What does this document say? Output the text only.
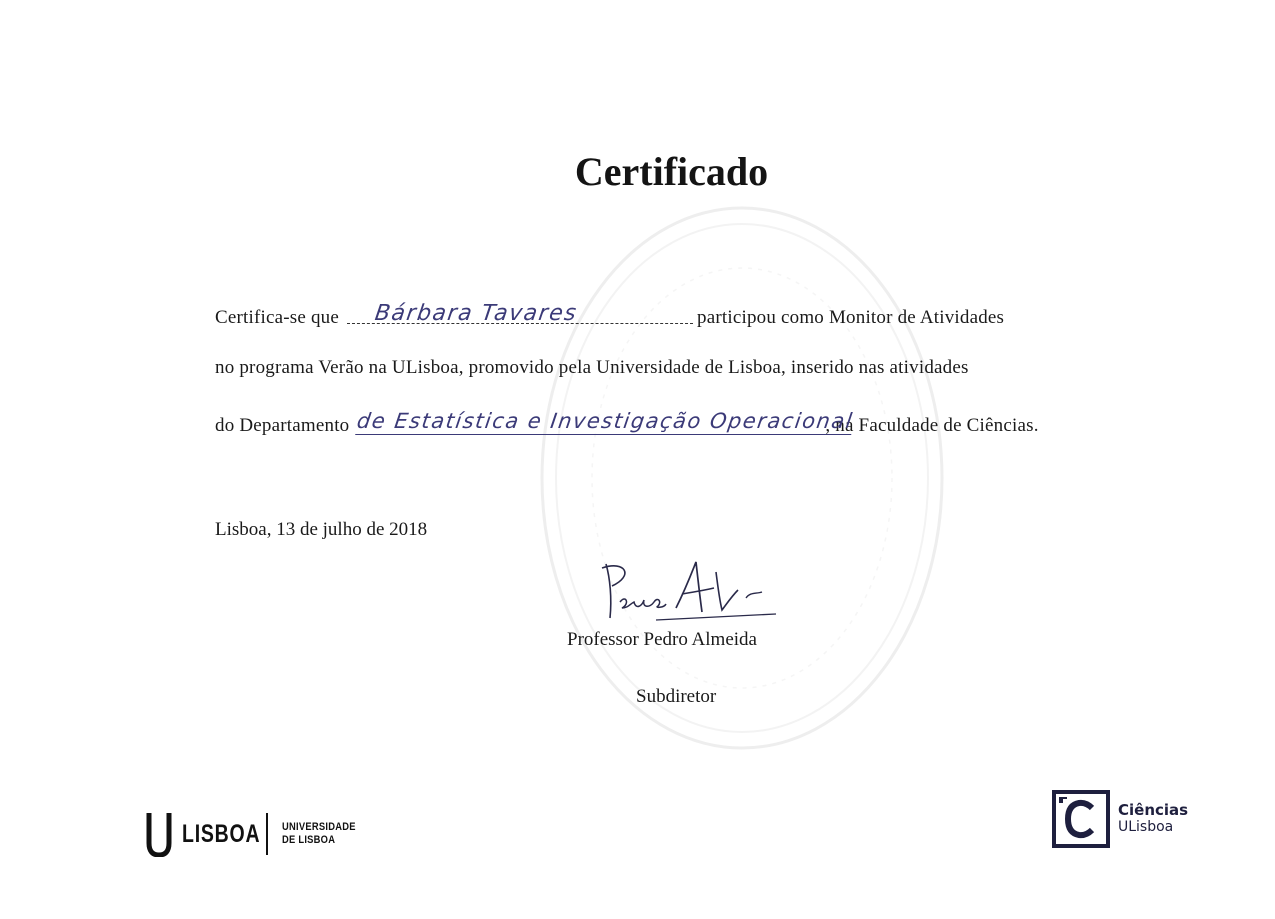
Certificado
Certifica-se que Bárbara Tavares	participou como Monitor de Atividades
no programa Verão na ULisboa, promovido pela Universidade de Lisboa, inserido nas atividades
do Departamento de Estatística e Investigação Operacional
, na Faculdade de Ciências.
Lisboa, 13 de julho de 2018
Professor Pedro Almeida
Subdiretor
LISBOA UNIVERSIDADE
DE LISBOA
Ciências
ULisboa
